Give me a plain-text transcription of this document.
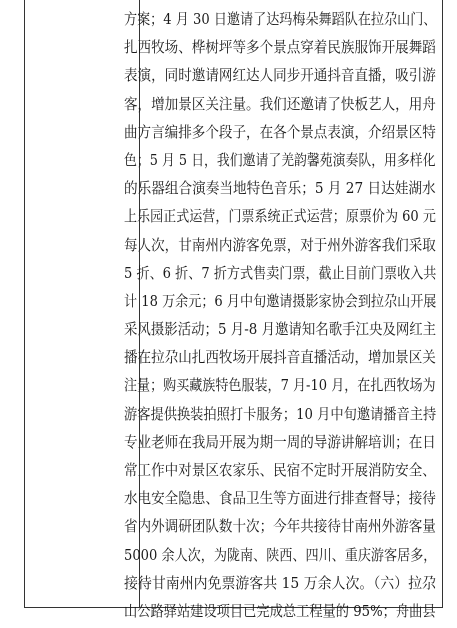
方案；4 月 30 日邀请了达玛梅朵舞蹈队在拉尕山门、
扎西牧场、桦树坪等多个景点穿着民族服饰开展舞蹈
表演，同时邀请网红达人同步开通抖音直播，吸引游
客，增加景区关注量。我们还邀请了快板艺人，用舟
曲方言编排多个段子，在各个景点表演，介绍景区特
色；5 月 5 日，我们邀请了羌韵馨苑演奏队，用多样化
的乐器组合演奏当地特色音乐；5 月 27 日达娃湖水
上乐园正式运营，门票系统正式运营；原票价为 60 元
每人次，甘南州内游客免票，对于州外游客我们采取
5 折、6 折、7 折方式售卖门票，截止目前门票收入共
计 18 万余元；6 月中旬邀请摄影家协会到拉尕山开展
采风摄影活动；5 月-8 月邀请知名歌手江央及网红主
播在拉尕山扎西牧场开展抖音直播活动，增加景区关
注量；购买藏族特色服装，7 月-10 月，在扎西牧场为
游客提供换装拍照打卡服务；10 月中旬邀请播音主持
专业老师在我局开展为期一周的导游讲解培训；在日
常工作中对景区农家乐、民宿不定时开展消防安全、
水电安全隐患、食品卫生等方面进行排查督导；接待
省内外调研团队数十次；今年共接待甘南州外游客量
5000 余人次，为陇南、陕西、四川、重庆游客居多，
接待甘南州内免票游客共 15 万余人次。（六）拉尕
山公路驿站建设项目已完成总工程量的 95%；舟曲县
